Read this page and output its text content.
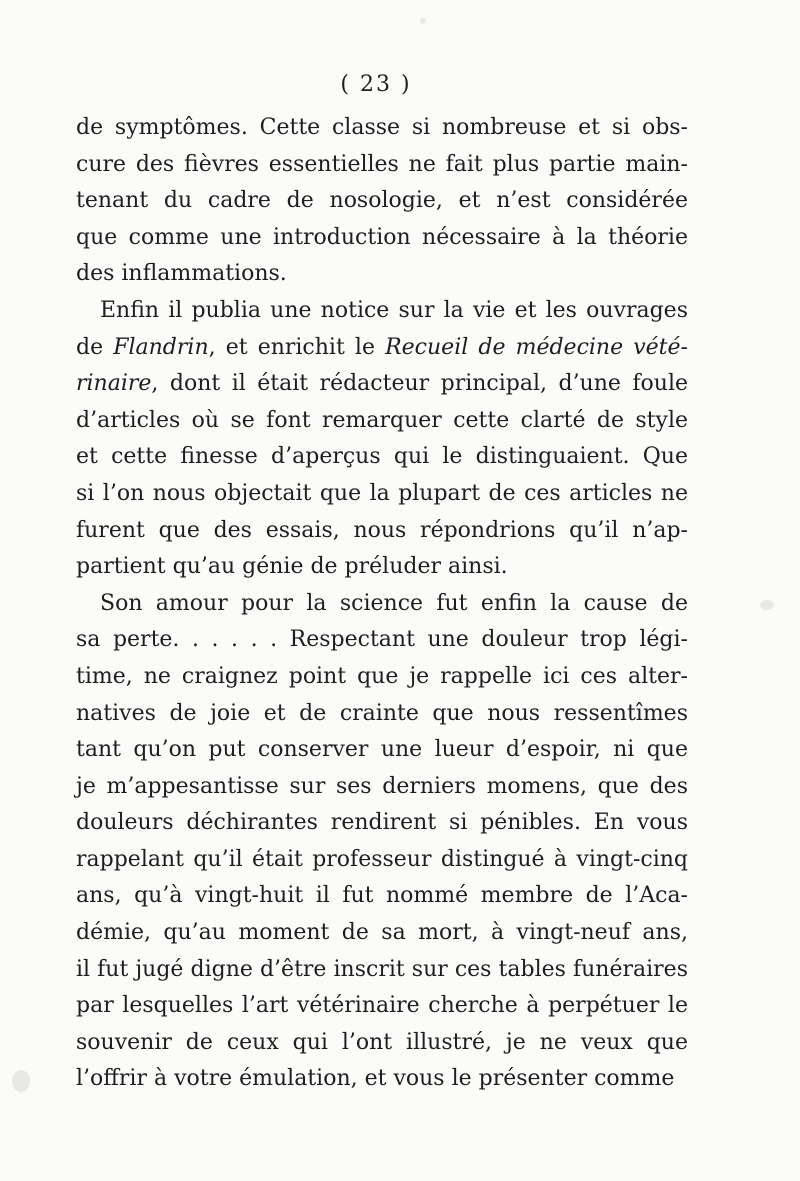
( 23 )
de symptômes. Cette classe si nombreuse et si obs-
cure des fièvres essentielles ne fait plus partie main-
tenant du cadre de nosologie, et n’est considérée
que comme une introduction nécessaire à la théorie
des inflammations.
Enfin il publia une notice sur la vie et les ouvrages
de Flandrin, et enrichit le Recueil de médecine vété-
rinaire, dont il était rédacteur principal, d’une foule
d’articles où se font remarquer cette clarté de style
et cette finesse d’aperçus qui le distinguaient. Que
si l’on nous objectait que la plupart de ces articles ne
furent que des essais, nous répondrions qu’il n’ap-
partient qu’au génie de préluder ainsi.
Son amour pour la science fut enfin la cause de
sa perte. . . . . . Respectant une douleur trop légi-
time, ne craignez point que je rappelle ici ces alter-
natives de joie et de crainte que nous ressentîmes
tant qu’on put conserver une lueur d’espoir, ni que
je m’appesantisse sur ses derniers momens, que des
douleurs déchirantes rendirent si pénibles. En vous
rappelant qu’il était professeur distingué à vingt-cinq
ans, qu’à vingt-huit il fut nommé membre de l’Aca-
démie, qu’au moment de sa mort, à vingt-neuf ans,
il fut jugé digne d’être inscrit sur ces tables funéraires
par lesquelles l’art vétérinaire cherche à perpétuer le
souvenir de ceux qui l’ont illustré, je ne veux que
l’offrir à votre émulation, et vous le présenter comme
